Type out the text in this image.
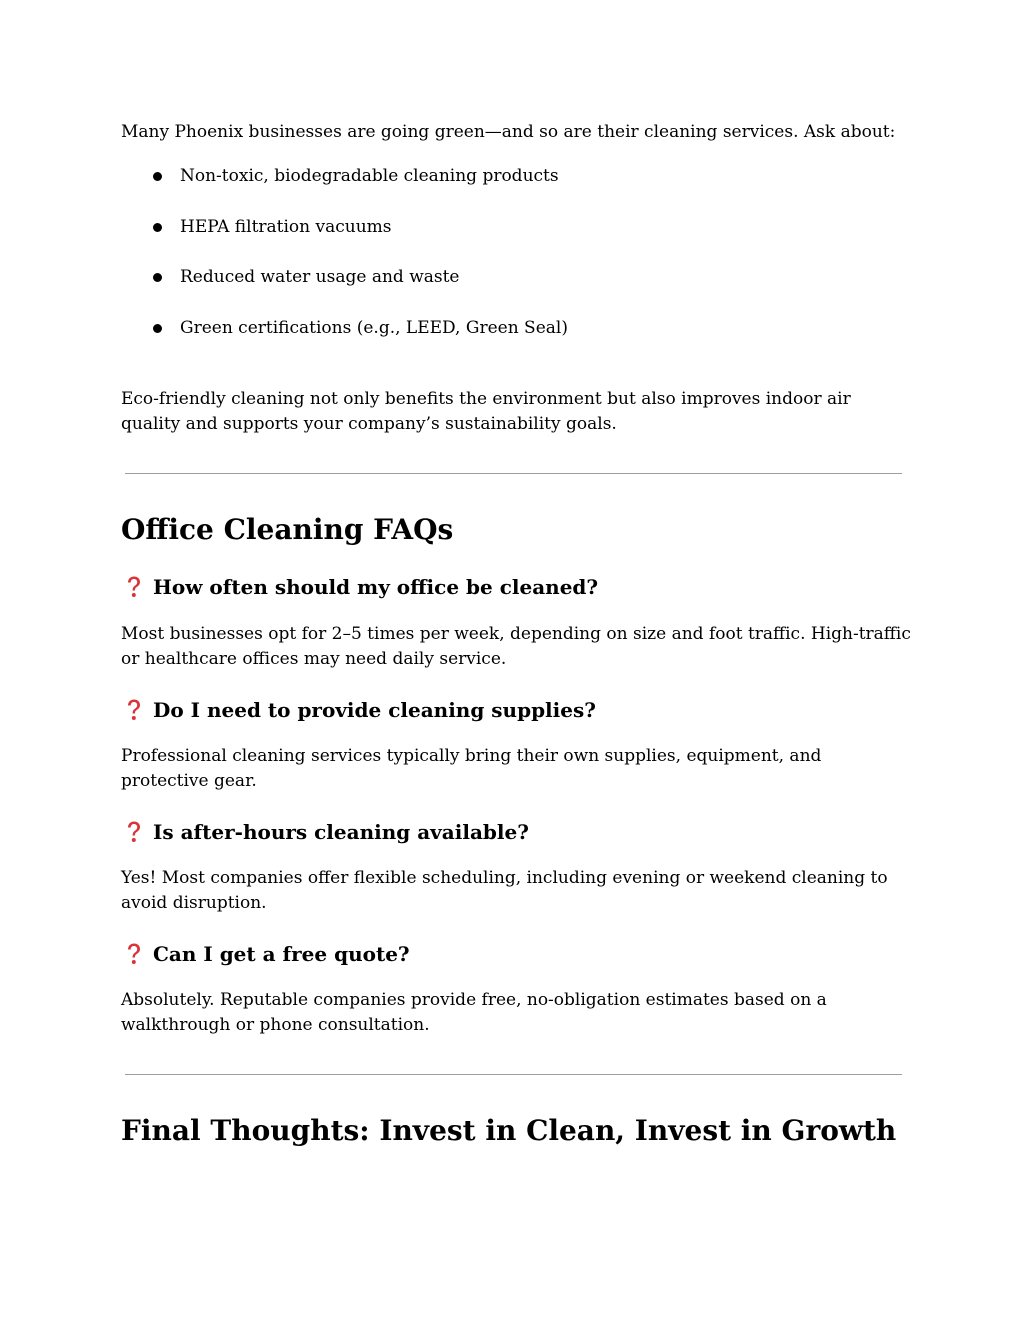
Many Phoenix businesses are going green—and so are their cleaning services. Ask about:

Non-toxic, biodegradable cleaning products
HEPA filtration vacuums
Reduced water usage and waste
Green certifications (e.g., LEED, Green Seal)

Eco-friendly cleaning not only benefits the environment but also improves indoor air quality and supports your company’s sustainability goals.

Office Cleaning FAQs
How often should my office be cleaned?

Most businesses opt for 2–5 times per week, depending on size and foot traffic. High-traffic or healthcare offices may need daily service.

Do I need to provide cleaning supplies?

Professional cleaning services typically bring their own supplies, equipment, and protective gear.

Is after-hours cleaning available?

Yes! Most companies offer flexible scheduling, including evening or weekend cleaning to avoid disruption.

Can I get a free quote?

Absolutely. Reputable companies provide free, no-obligation estimates based on a walkthrough or phone consultation.

Final Thoughts: Invest in Clean, Invest in Growth
